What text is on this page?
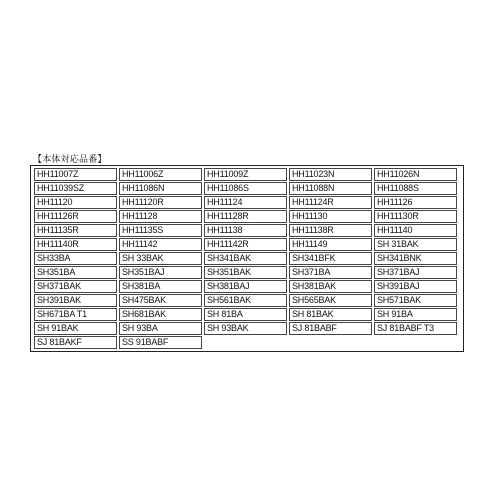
【本体対応品番】
HH11007Z	HH11006Z	HH11009Z	HH11023N	HH11026N
HH11039SZ	HH11086N	HH11086S	HH11088N	HH11088S
HH11120	HH11120R	HH11124	HH11124R	HH11126
HH11126R	HH11128	HH11128R	HH11130	HH11130R
HH11135R	HH11135S	HH11138	HH11138R	HH11140
HH11140R	HH11142	HH11142R	HH11149	SH 31BAK
SH33BA	SH 33BAK	SH341BAK	SH341BFK	SH341BNK
SH351BA	SH351BAJ	SH351BAK	SH371BA	SH371BAJ
SH371BAK	SH381BA	SH381BAJ	SH381BAK	SH391BAJ
SH391BAK	SH475BAK	SH561BAK	SH565BAK	SH571BAK
SH671BA T1	SH681BAK	SH 81BA	SH 81BAK	SH 91BA
SH 91BAK	SH 93BA	SH 93BAK	SJ 81BABF	SJ 81BABF T3
SJ 81BAKF	SS 91BABF
